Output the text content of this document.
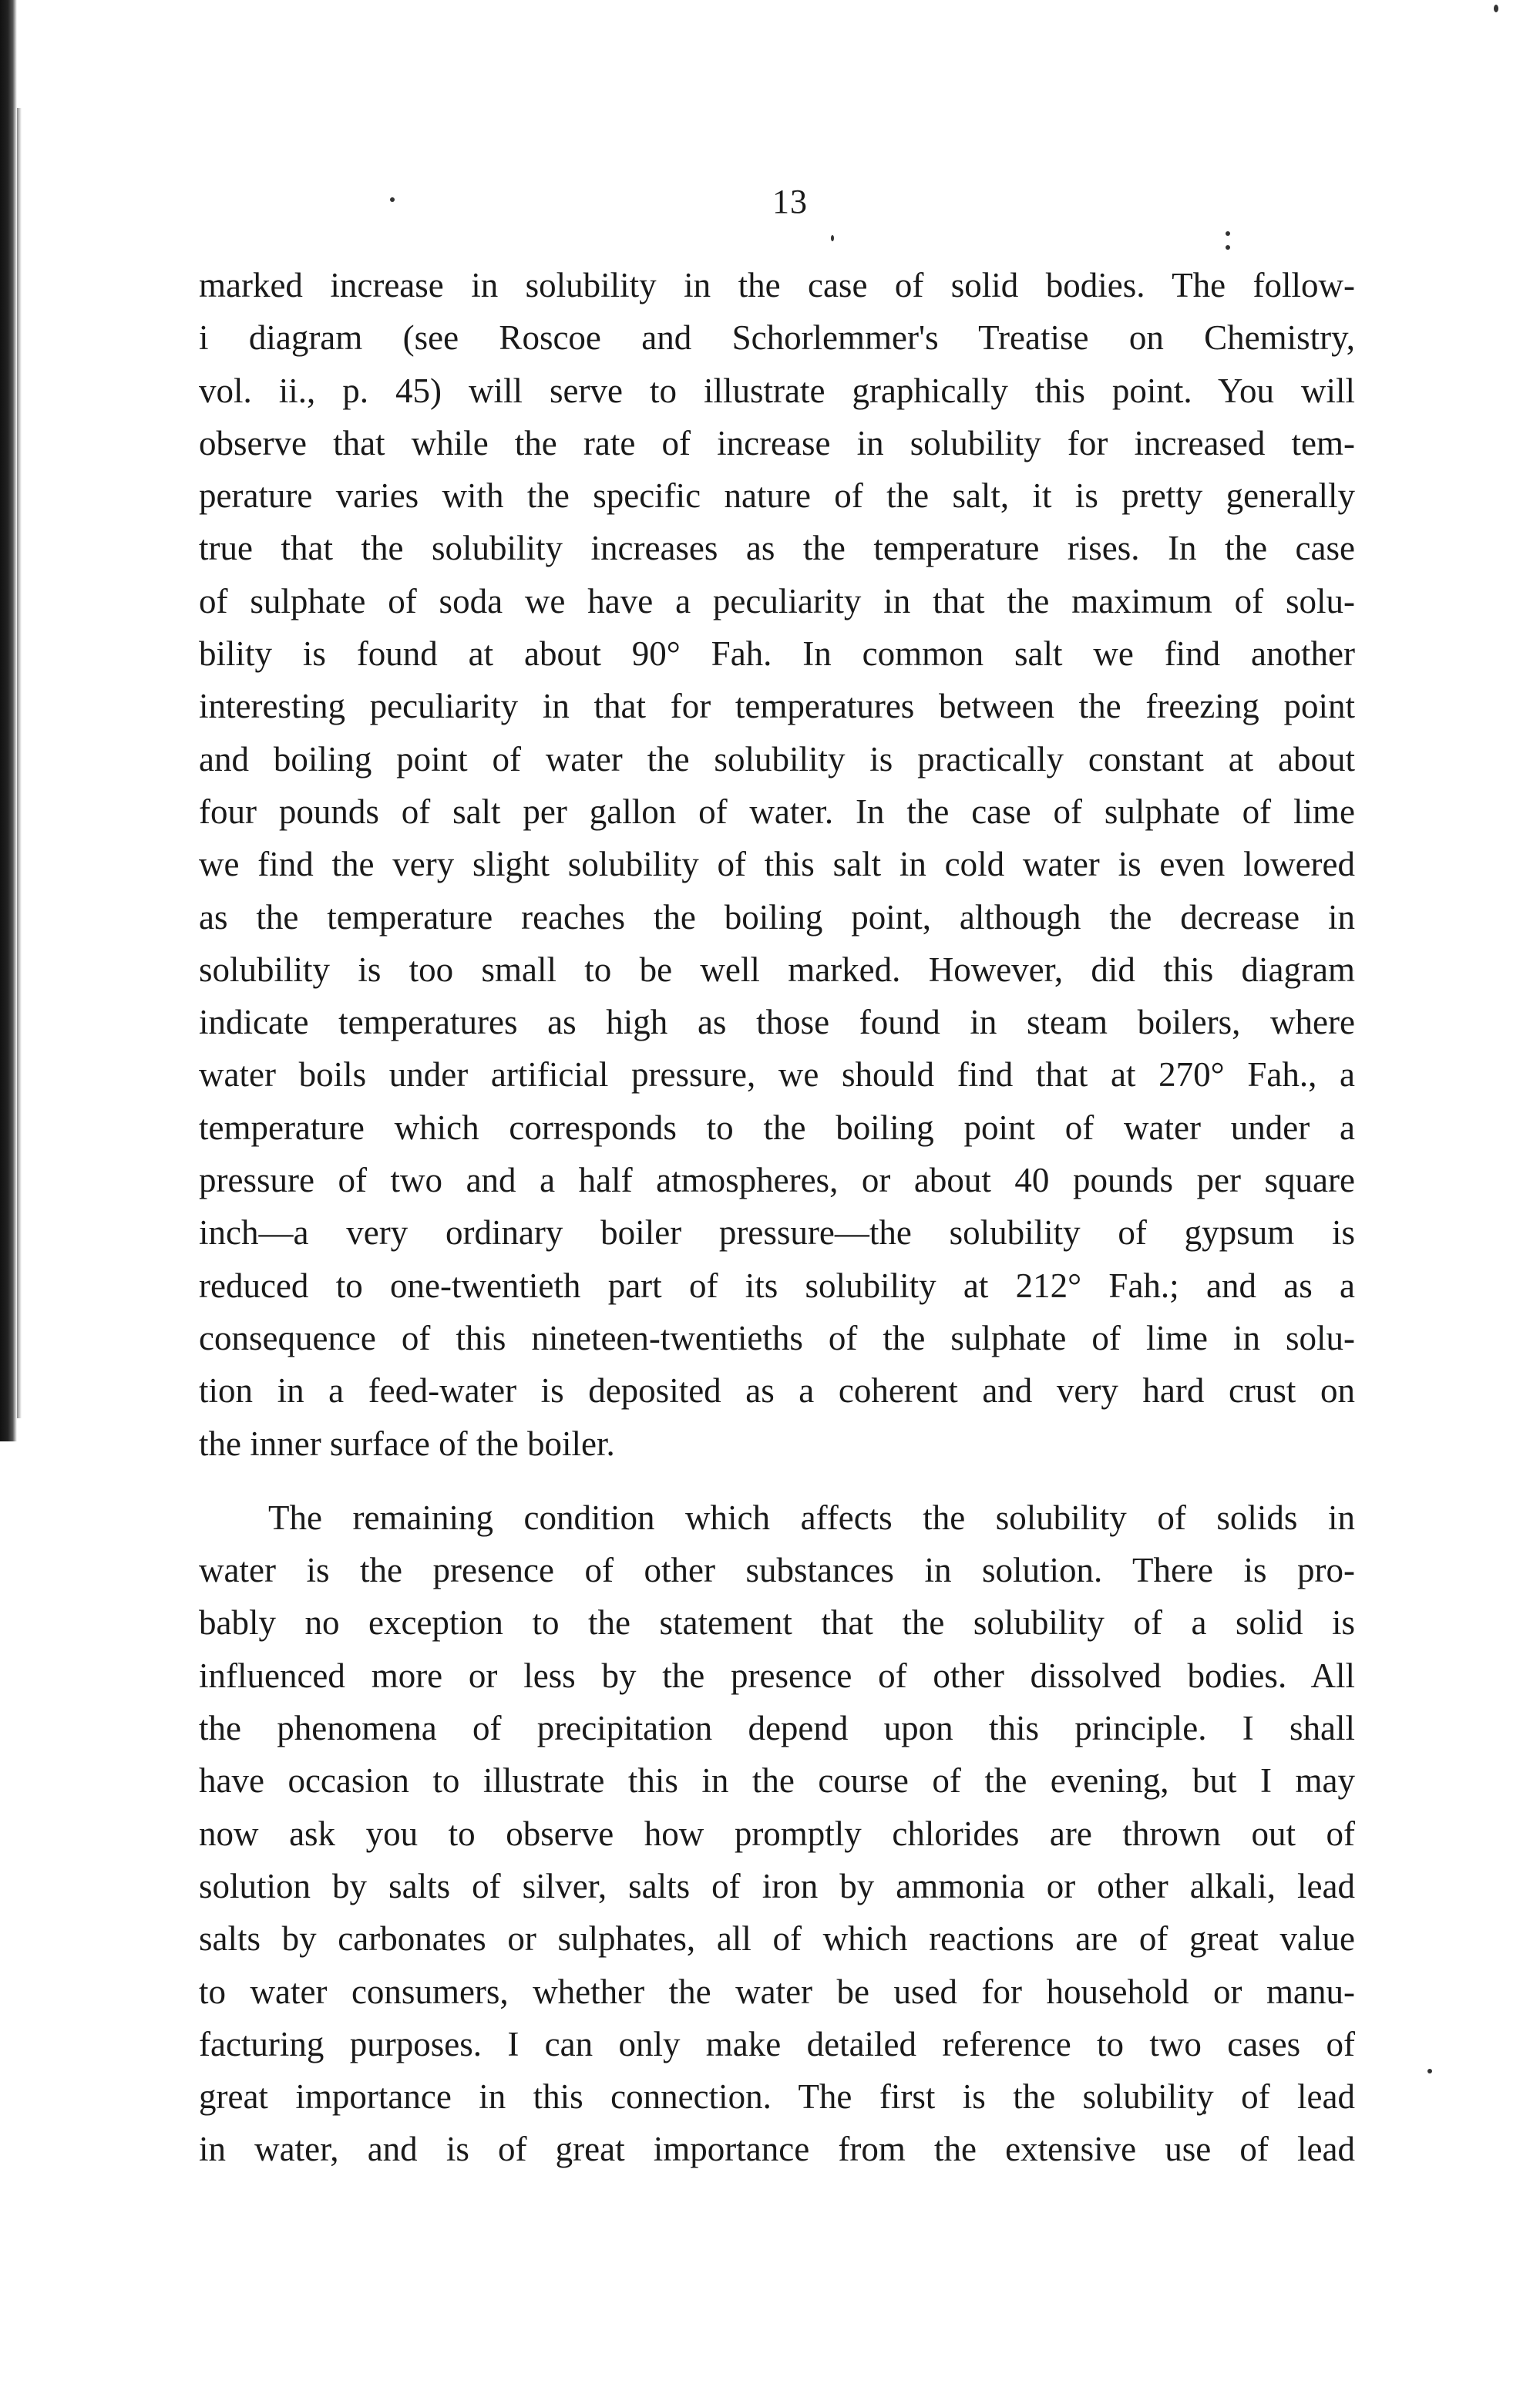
13
marked increase in solubility in the case of solid bodies. The follow-
i diagram (see Roscoe and Schorlemmer's Treatise on Chemistry,
vol. ii., p. 45) will serve to illustrate graphically this point. You will
observe that while the rate of increase in solubility for increased tem-
perature varies with the specific nature of the salt, it is pretty generally
true that the solubility increases as the temperature rises. In the case
of sulphate of soda we have a peculiarity in that the maximum of solu-
bility is found at about 90° Fah. In common salt we find another
interesting peculiarity in that for temperatures between the freezing point
and boiling point of water the solubility is practically constant at about
four pounds of salt per gallon of water. In the case of sulphate of lime
we find the very slight solubility of this salt in cold water is even lowered
as the temperature reaches the boiling point, although the decrease in
solubility is too small to be well marked. However, did this diagram
indicate temperatures as high as those found in steam boilers, where
water boils under artificial pressure, we should find that at 270° Fah., a
temperature which corresponds to the boiling point of water under a
pressure of two and a half atmospheres, or about 40 pounds per square
inch—a very ordinary boiler pressure—the solubility of gypsum is
reduced to one-twentieth part of its solubility at 212° Fah.; and as a
consequence of this nineteen-twentieths of the sulphate of lime in solu-
tion in a feed-water is deposited as a coherent and very hard crust on
the inner surface of the boiler.
The remaining condition which affects the solubility of solids in
water is the presence of other substances in solution. There is pro-
bably no exception to the statement that the solubility of a solid is
influenced more or less by the presence of other dissolved bodies. All
the phenomena of precipitation depend upon this principle. I shall
have occasion to illustrate this in the course of the evening, but I may
now ask you to observe how promptly chlorides are thrown out of
solution by salts of silver, salts of iron by ammonia or other alkali, lead
salts by carbonates or sulphates, all of which reactions are of great value
to water consumers, whether the water be used for household or manu-
facturing purposes. I can only make detailed reference to two cases of
great importance in this connection. The first is the solubility of lead
in water, and is of great importance from the extensive use of lead
